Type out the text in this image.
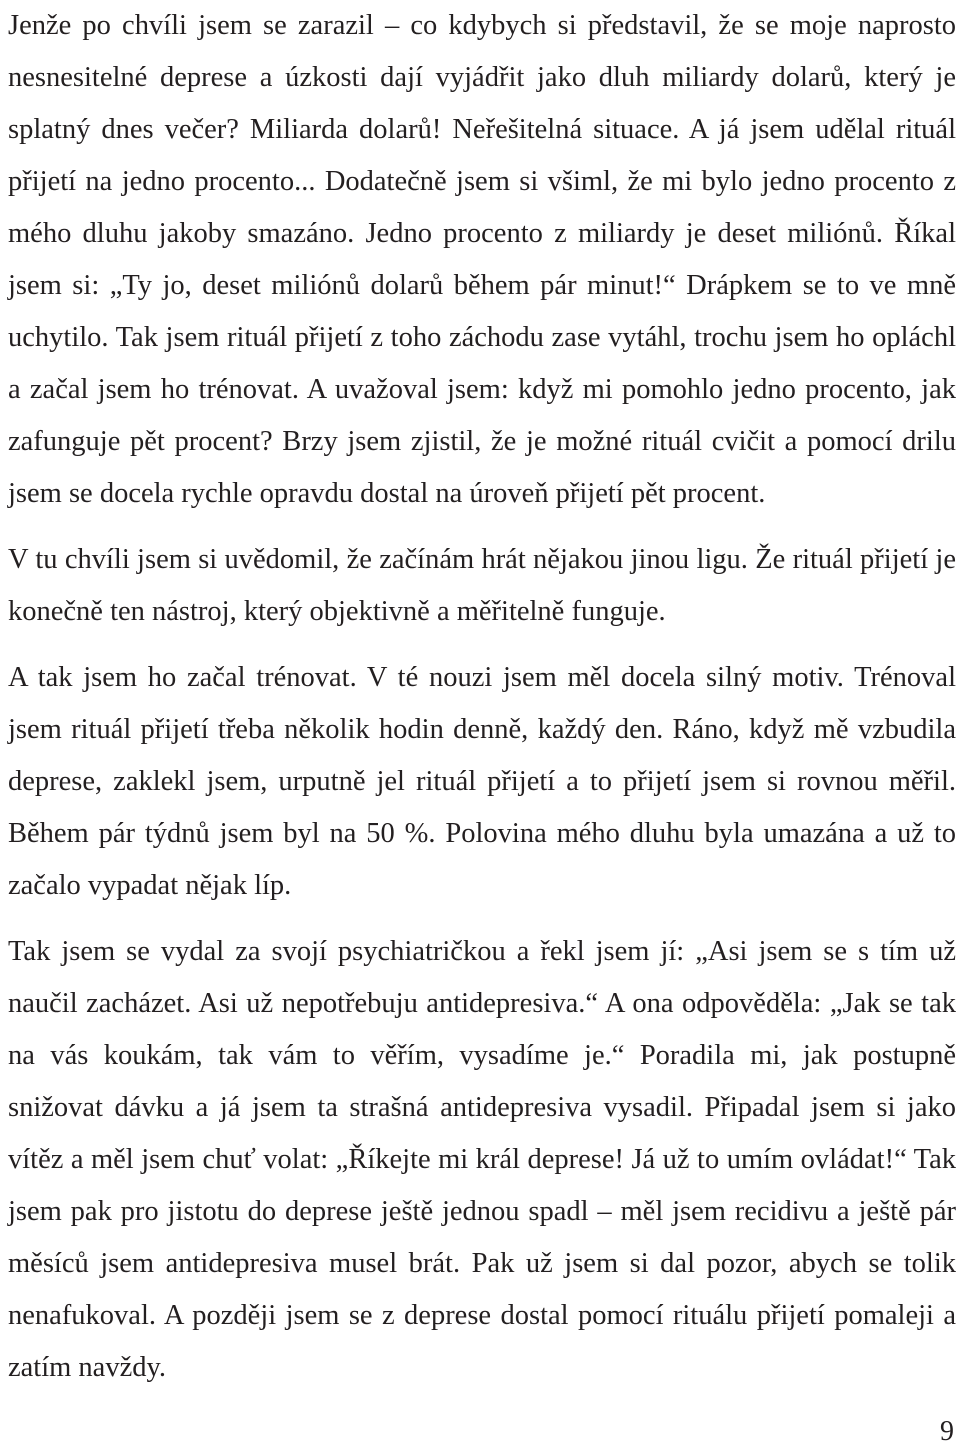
Jenže po chvíli jsem se zarazil – co kdybych si představil, že se moje naprosto nesnesitelné deprese a úzkosti dají vyjádřit jako dluh miliardy dolarů, který je splatný dnes večer? Miliarda dolarů! Neřešitelná situace. A já jsem udělal rituál přijetí na jedno procento... Dodatečně jsem si všiml, že mi bylo jedno procento z mého dluhu jakoby smazáno. Jedno procento z miliardy je deset miliónů. Říkal jsem si: „Ty jo, deset miliónů dolarů během pár minut!“ Drápkem se to ve mně uchytilo. Tak jsem rituál přijetí z toho záchodu zase vytáhl, trochu jsem ho opláchl a začal jsem ho trénovat. A uvažoval jsem: když mi pomohlo jedno procento, jak zafunguje pět procent? Brzy jsem zjistil, že je možné rituál cvičit a pomocí drilu jsem se docela rychle opravdu dostal na úroveň přijetí pět procent.

V tu chvíli jsem si uvědomil, že začínám hrát nějakou jinou ligu. Že rituál přijetí je konečně ten nástroj, který objektivně a měřitelně funguje.

A tak jsem ho začal trénovat. V té nouzi jsem měl docela silný motiv. Trénoval jsem rituál přijetí třeba několik hodin denně, každý den. Ráno, když mě vzbudila deprese, zaklekl jsem, urputně jel rituál přijetí a to přijetí jsem si rovnou měřil. Během pár týdnů jsem byl na 50 %. Polovina mého dluhu byla umazána a už to začalo vypadat nějak líp.

Tak jsem se vydal za svojí psychiatričkou a řekl jsem jí: „Asi jsem se s tím už naučil zacházet. Asi už nepotřebuju antidepresiva.“ A ona odpověděla: „Jak se tak na vás koukám, tak vám to věřím, vysadíme je.“ Poradila mi, jak postupně snižovat dávku a já jsem ta strašná antidepresiva vysadil. Připadal jsem si jako vítěz a měl jsem chuť volat: „Říkejte mi král deprese! Já už to umím ovládat!“ Tak jsem pak pro jistotu do deprese ještě jednou spadl – měl jsem recidivu a ještě pár měsíců jsem antidepresiva musel brát. Pak už jsem si dal pozor, abych se tolik nenafukoval. A později jsem se z deprese dostal pomocí rituálu přijetí pomaleji a zatím navždy.

9
